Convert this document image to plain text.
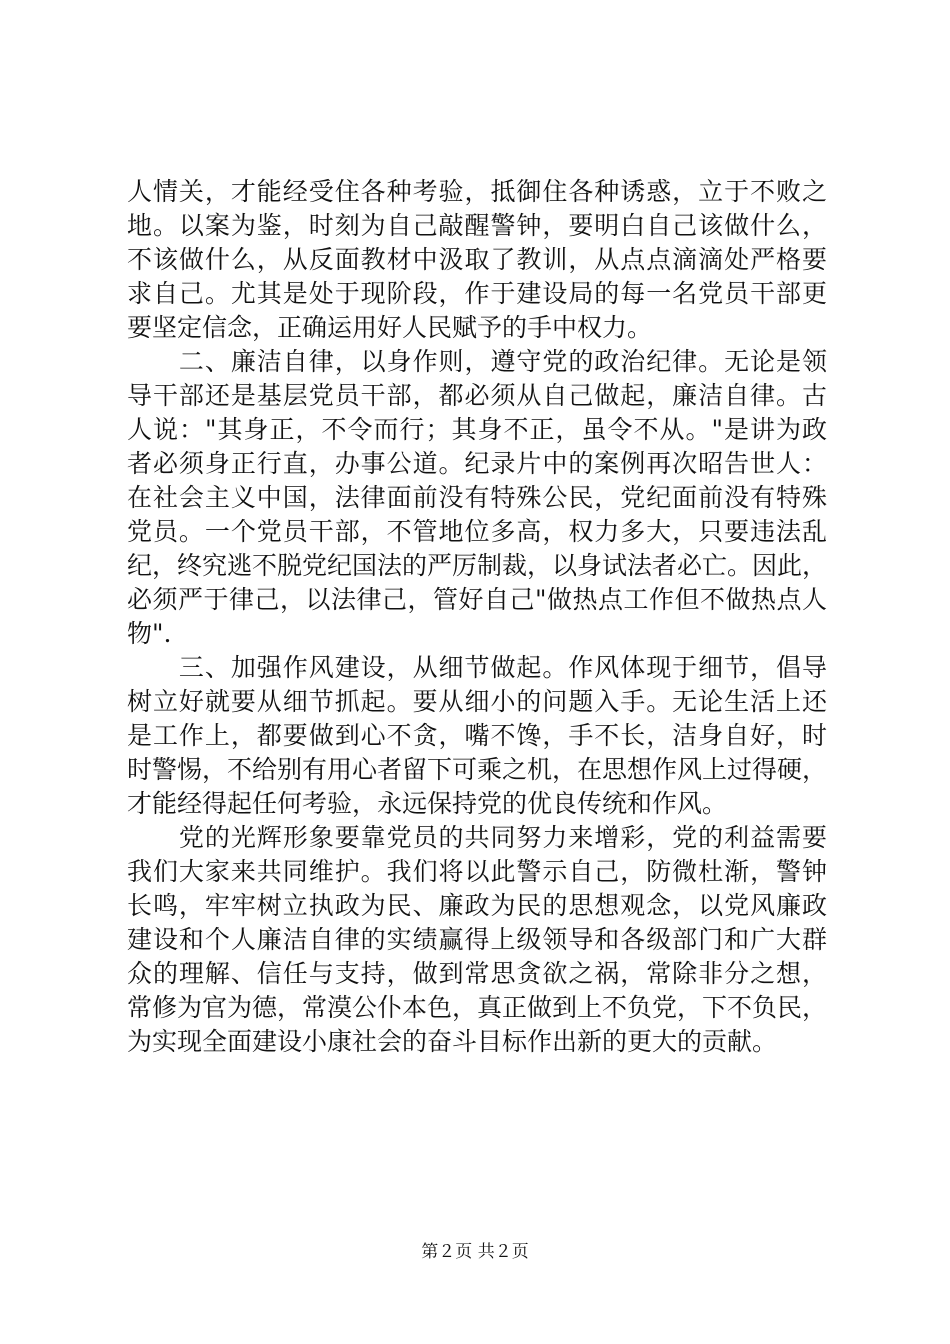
人情关，才能经受住各种考验，抵御住各种诱惑，立于不败之
地。以案为鉴，时刻为自己敲醒警钟，要明白自己该做什么，
不该做什么，从反面教材中汲取了教训，从点点滴滴处严格要
求自己。尤其是处于现阶段，作于建设局的每一名党员干部更
要坚定信念，正确运用好人民赋予的手中权力。
　　二、廉洁自律，以身作则，遵守党的政治纪律。无论是领
导干部还是基层党员干部，都必须从自己做起，廉洁自律。古
人说："其身正，不令而行；其身不正，虽令不从。"是讲为政
者必须身正行直，办事公道。纪录片中的案例再次昭告世人：
在社会主义中国，法律面前没有特殊公民，党纪面前没有特殊
党员。一个党员干部，不管地位多高，权力多大，只要违法乱
纪，终究逃不脱党纪国法的严厉制裁，以身试法者必亡。因此，
必须严于律己，以法律己，管好自己"做热点工作但不做热点人
物".
　　三、加强作风建设，从细节做起。作风体现于细节，倡导
树立好就要从细节抓起。要从细小的问题入手。无论生活上还
是工作上，都要做到心不贪，嘴不馋，手不长，洁身自好，时
时警惕，不给别有用心者留下可乘之机，在思想作风上过得硬，
才能经得起任何考验，永远保持党的优良传统和作风。
　　党的光辉形象要靠党员的共同努力来增彩，党的利益需要
我们大家来共同维护。我们将以此警示自己，防微杜渐，警钟
长鸣，牢牢树立执政为民、廉政为民的思想观念，以党风廉政
建设和个人廉洁自律的实绩赢得上级领导和各级部门和广大群
众的理解、信任与支持，做到常思贪欲之祸，常除非分之想，
常修为官为德，常漠公仆本色，真正做到上不负党，下不负民，
为实现全面建设小康社会的奋斗目标作出新的更大的贡献。
第２页 共２页
